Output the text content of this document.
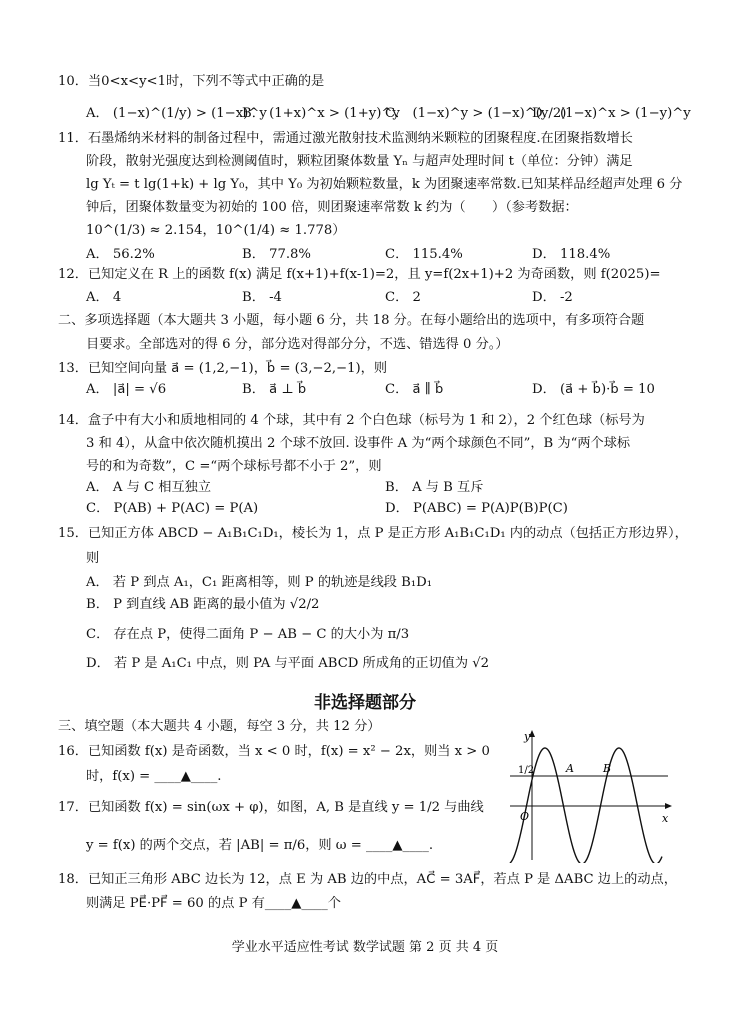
10．当0<x<y<1时，下列不等式中正确的是
A． (1−x)^(1/y) > (1−x)^y
B． (1+x)^x > (1+y)^y
C． (1−x)^y > (1−x)^(y/2)
D． (1−x)^x > (1−y)^y
11．石墨烯纳米材料的制备过程中，需通过激光散射技术监测纳米颗粒的团聚程度.在团聚指数增长
阶段，散射光强度达到检测阈值时，颗粒团聚体数量 Yₙ 与超声处理时间 t（单位：分钟）满足
lg Yₜ = t lg(1+k) + lg Y₀，其中 Y₀ 为初始颗粒数量，k 为团聚速率常数.已知某样品经超声处理 6 分
钟后，团聚体数量变为初始的 100 倍，则团聚速率常数 k 约为（　　）（参考数据：
10^(1/3) ≈ 2.154，10^(1/4) ≈ 1.778）
A． 56.2%	B． 77.8%	C． 115.4%	D． 118.4%
12．已知定义在 R 上的函数 f(x) 满足 f(x+1)+f(x-1)=2，且 y=f(2x+1)+2 为奇函数，则 f(2025)=
A． 4	B． -4	C． 2	D． -2
二、多项选择题（本大题共 3 小题，每小题 6 分，共 18 分。在每小题给出的选项中，有多项符合题
目要求。全部选对的得 6 分，部分选对得部分分，不选、错选得 0 分。）
13．已知空间向量 a⃗ = (1,2,−1)，b⃗ = (3,−2,−1)，则
A． |a⃗| = √6	B． a⃗ ⊥ b⃗	C． a⃗ ∥ b⃗	D． (a⃗ + b⃗)·b⃗ = 10
14．盒子中有大小和质地相同的 4 个球，其中有 2 个白色球（标号为 1 和 2），2 个红色球（标号为
3 和 4），从盒中依次随机摸出 2 个球不放回. 设事件 A 为“两个球颜色不同”，B 为“两个球标
号的和为奇数”，C =“两个球标号都不小于 2”，则
A． A 与 C 相互独立	B． A 与 B 互斥
C． P(AB) + P(AC) = P(A)	D． P(ABC) = P(A)P(B)P(C)
15．已知正方体 ABCD − A₁B₁C₁D₁，棱长为 1，点 P 是正方形 A₁B₁C₁D₁ 内的动点（包括正方形边界），
则
A． 若 P 到点 A₁，C₁ 距离相等，则 P 的轨迹是线段 B₁D₁
B． P 到直线 AB 距离的最小值为 √2/2
C． 存在点 P，使得二面角 P − AB − C 的大小为 π/3
D． 若 P 是 A₁C₁ 中点，则 PA 与平面 ABCD 所成角的正切值为 √2
非选择题部分
三、填空题（本大题共 4 小题，每空 3 分，共 12 分）
16．已知函数 f(x) 是奇函数，当 x < 0 时，f(x) = x² − 2x，则当 x > 0
时，f(x) = ____▲____.
17．已知函数 f(x) = sin(ωx + φ)，如图，A, B 是直线 y = 1/2 与曲线
y = f(x) 的两个交点，若 |AB| = π/6，则 ω = ____▲____.
18．已知正三角形 ABC 边长为 12，点 E 为 AB 边的中点，AC⃗ = 3AF⃗，若点 P 是 ΔABC 边上的动点，
则满足 PE⃗·PF⃗ = 60 的点 P 有____▲____个
y
x
O
1/2	A	B
学业水平适应性考试 数学试题 第 2 页 共 4 页
